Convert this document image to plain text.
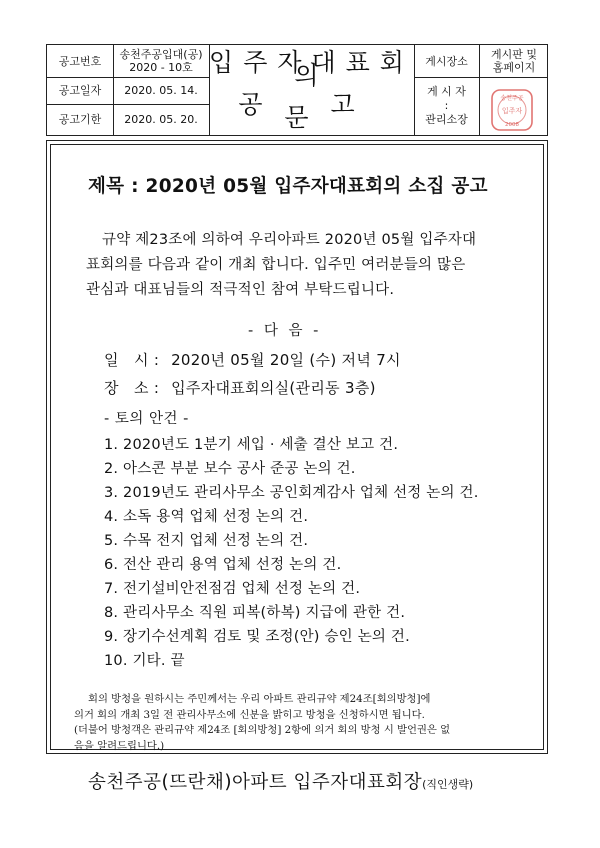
공고번호
공고일자
공고기한
송천주공입대(공)
2020 - 10호
2020. 05. 14.
2020. 05. 20.
입주자대표회의
공 고 문
게시장소	게시판 및
홈페이지
게 시 자
:
관리소장
송천주공
입주자
2008
제목 : 2020년 05월 입주자대표회의 소집 공고

규약 제23조에 의하여 우리아파트 2020년 05월 입주자대

표회의를 다음과 같이 개최 합니다. 입주민 여러분들의 많은

관심과 대표님들의 적극적인 참여 부탁드립니다.

- 다 음 -
일   시 : 2020년 05월 20일 (수) 저녁 7시
장   소 : 입주자대표회의실(관리동 3층)
- 토의 안건 -
1. 2020년도 1분기 세입 · 세출 결산 보고 건.
2. 아스콘 부분 보수 공사 준공 논의 건.
3. 2019년도 관리사무소 공인회계감사 업체 선정 논의 건.
4. 소독 용역 업체 선정 논의 건.
5. 수목 전지 업체 선정 논의 건.
6. 전산 관리 용역 업체 선정 논의 건.
7. 전기설비안전점검 업체 선정 논의 건.
8. 관리사무소 직원 피복(하복) 지급에 관한 건.
9. 장기수선계획 검토 및 조정(안) 승인 논의 건.
10. 기타. 끝

회의 방청을 원하시는 주민께서는 우리 아파트 관리규약 제24조[회의방청]에

의거 회의 개최 3일 전 관리사무소에 신분을 밝히고 방청을 신청하시면 됩니다.

(더불어 방청객은 관리규약 제24조 [회의방청] 2항에 의거 회의 방청 시 발언권은 없

음을 알려드립니다.)

송천주공(뜨란채)아파트 입주자대표회장(직인생략)
